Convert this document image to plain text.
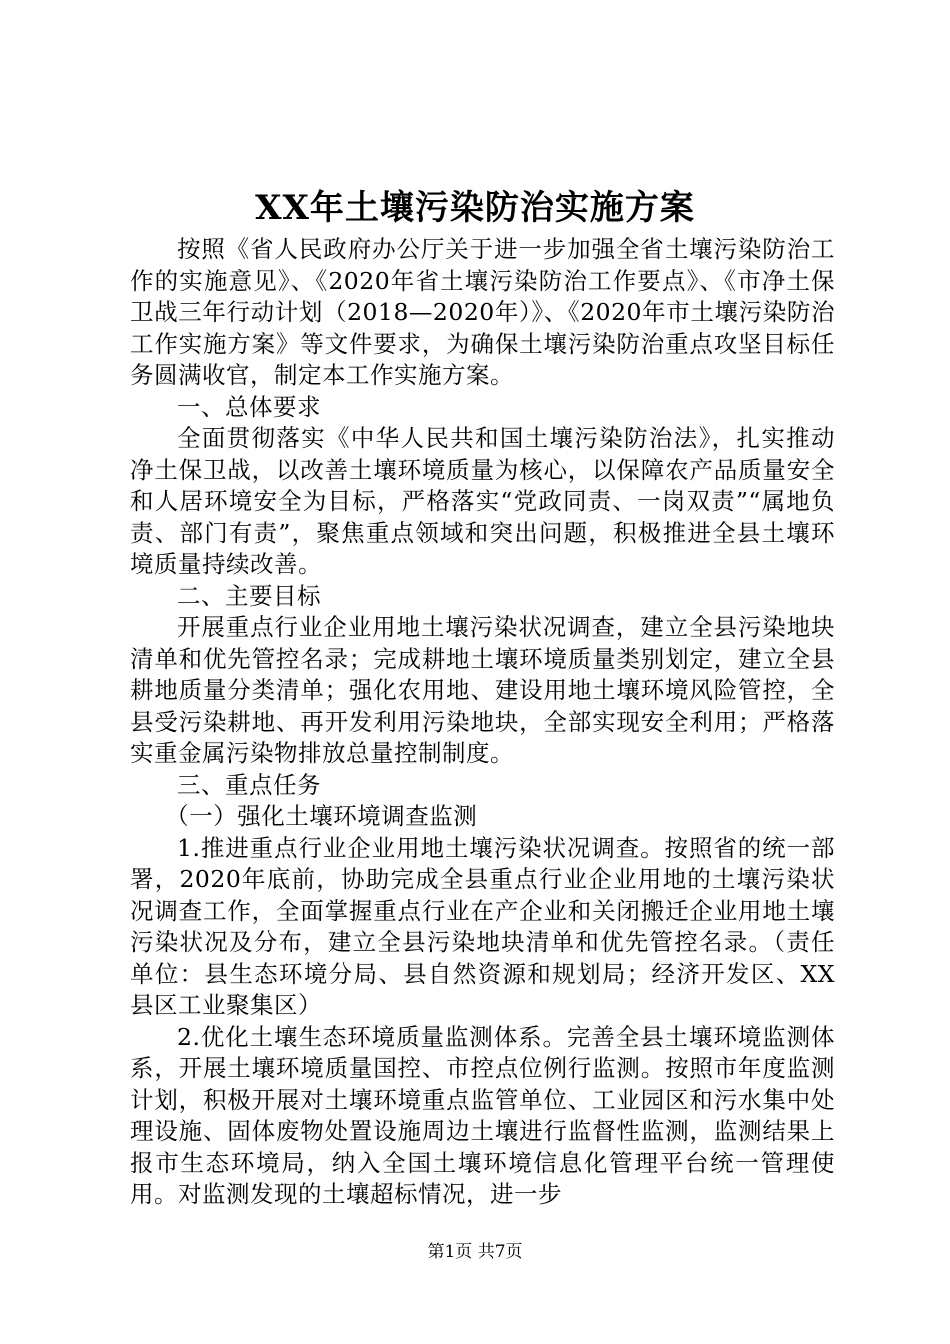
XX年土壤污染防治实施方案

按照《省人民政府办公厅关于进一步加强全省土壤污染防治工作的实施意见》、《2020年省土壤污染防治工作要点》、《市净土保卫战三年行动计划（2018—2020年）》、《2020年市土壤污染防治工作实施方案》等文件要求，为确保土壤污染防治重点攻坚目标任务圆满收官，制定本工作实施方案。

一、总体要求

全面贯彻落实《中华人民共和国土壤污染防治法》，扎实推动净土保卫战，以改善土壤环境质量为核心，以保障农产品质量安全和人居环境安全为目标，严格落实“党政同责、一岗双责”“属地负责、部门有责”，聚焦重点领域和突出问题，积极推进全县土壤环境质量持续改善。

二、主要目标

开展重点行业企业用地土壤污染状况调查，建立全县污染地块清单和优先管控名录；完成耕地土壤环境质量类别划定，建立全县耕地质量分类清单；强化农用地、建设用地土壤环境风险管控，全县受污染耕地、再开发利用污染地块，全部实现安全利用；严格落实重金属污染物排放总量控制制度。

三、重点任务

（一）强化土壤环境调查监测

1.推进重点行业企业用地土壤污染状况调查。按照省的统一部署，2020年底前，协助完成全县重点行业企业用地的土壤污染状况调查工作，全面掌握重点行业在产企业和关闭搬迁企业用地土壤污染状况及分布，建立全县污染地块清单和优先管控名录。（责任单位：县生态环境分局、县自然资源和规划局；经济开发区、XX县区工业聚集区）

2.优化土壤生态环境质量监测体系。完善全县土壤环境监测体系，开展土壤环境质量国控、市控点位例行监测。按照市年度监测计划，积极开展对土壤环境重点监管单位、工业园区和污水集中处理设施、固体废物处置设施周边土壤进行监督性监测，监测结果上报市生态环境局，纳入全国土壤环境信息化管理平台统一管理使用。对监测发现的土壤超标情况，进一步

第1页 共7页
